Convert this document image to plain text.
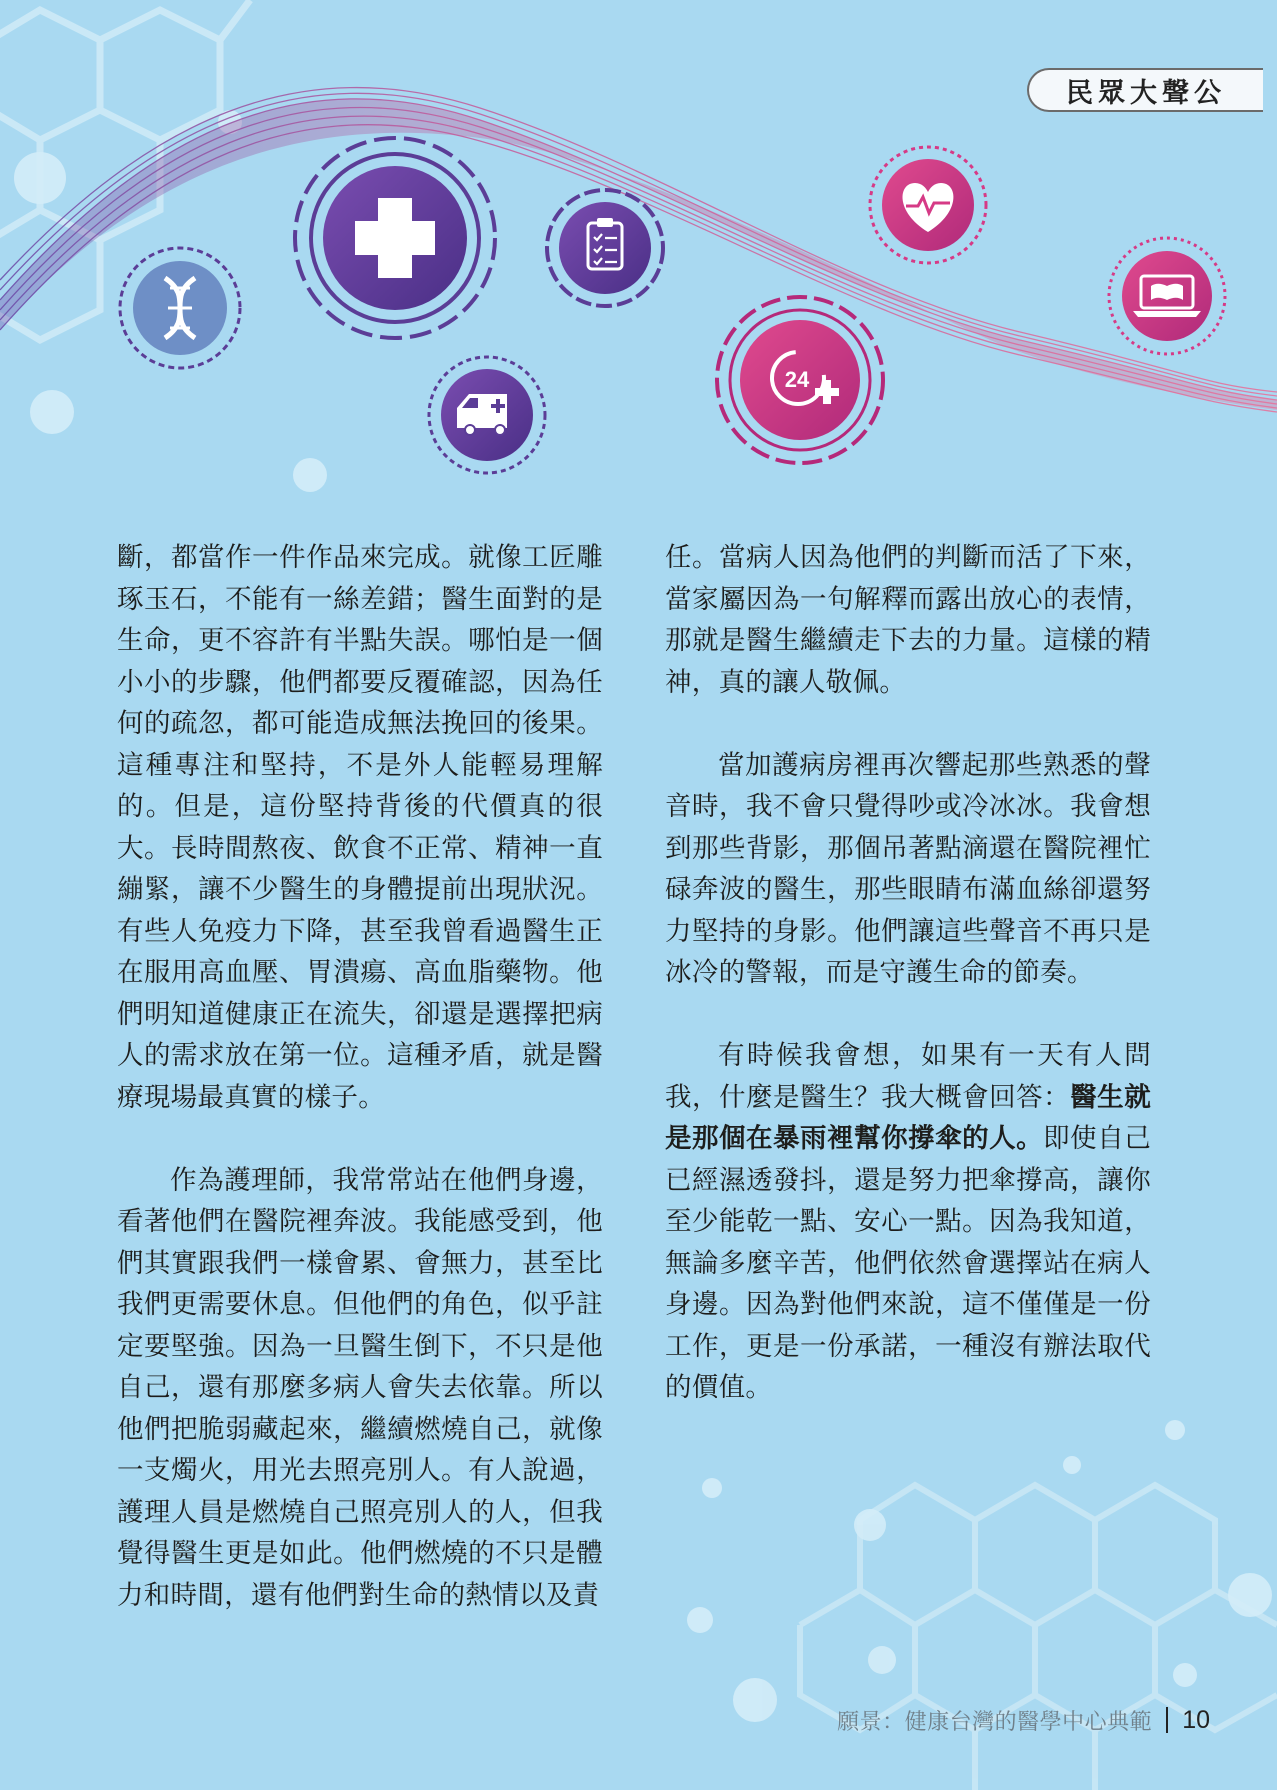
24
民眾大聲公

斷，都當作一件作品來完成。就像工匠雕琢玉石，不能有一絲差錯；醫生面對的是生命，更不容許有半點失誤。哪怕是一個小小的步驟，他們都要反覆確認，因為任何的疏忽，都可能造成無法挽回的後果。這種專注和堅持，不是外人能輕易理解的。但是，這份堅持背後的代價真的很大。長時間熬夜、飲食不正常、精神一直繃緊，讓不少醫生的身體提前出現狀況。有些人免疫力下降，甚至我曾看過醫生正在服用高血壓、胃潰瘍、高血脂藥物。他們明知道健康正在流失，卻還是選擇把病人的需求放在第一位。這種矛盾，就是醫療現場最真實的樣子。

作為護理師，我常常站在他們身邊，看著他們在醫院裡奔波。我能感受到，他們其實跟我們一樣會累、會無力，甚至比我們更需要休息。但他們的角色，似乎註定要堅強。因為一旦醫生倒下，不只是他自己，還有那麼多病人會失去依靠。所以他們把脆弱藏起來，繼續燃燒自己，就像一支燭火，用光去照亮別人。有人說過，護理人員是燃燒自己照亮別人的人，但我覺得醫生更是如此。他們燃燒的不只是體力和時間，還有他們對生命的熱情以及責

任。當病人因為他們的判斷而活了下來，當家屬因為一句解釋而露出放心的表情，那就是醫生繼續走下去的力量。這樣的精神，真的讓人敬佩。

當加護病房裡再次響起那些熟悉的聲音時，我不會只覺得吵或冷冰冰。我會想到那些背影，那個吊著點滴還在醫院裡忙碌奔波的醫生，那些眼睛布滿血絲卻還努力堅持的身影。他們讓這些聲音不再只是冰冷的警報，而是守護生命的節奏。

有時候我會想，如果有一天有人問我，什麼是醫生？我大概會回答：醫生就是那個在暴雨裡幫你撐傘的人。即使自己已經濕透發抖，還是努力把傘撐高，讓你至少能乾一點、安心一點。因為我知道，無論多麼辛苦，他們依然會選擇站在病人身邊。因為對他們來說，這不僅僅是一份工作，更是一份承諾，一種沒有辦法取代的價值。

願景：健康台灣的醫學中心典範 10
